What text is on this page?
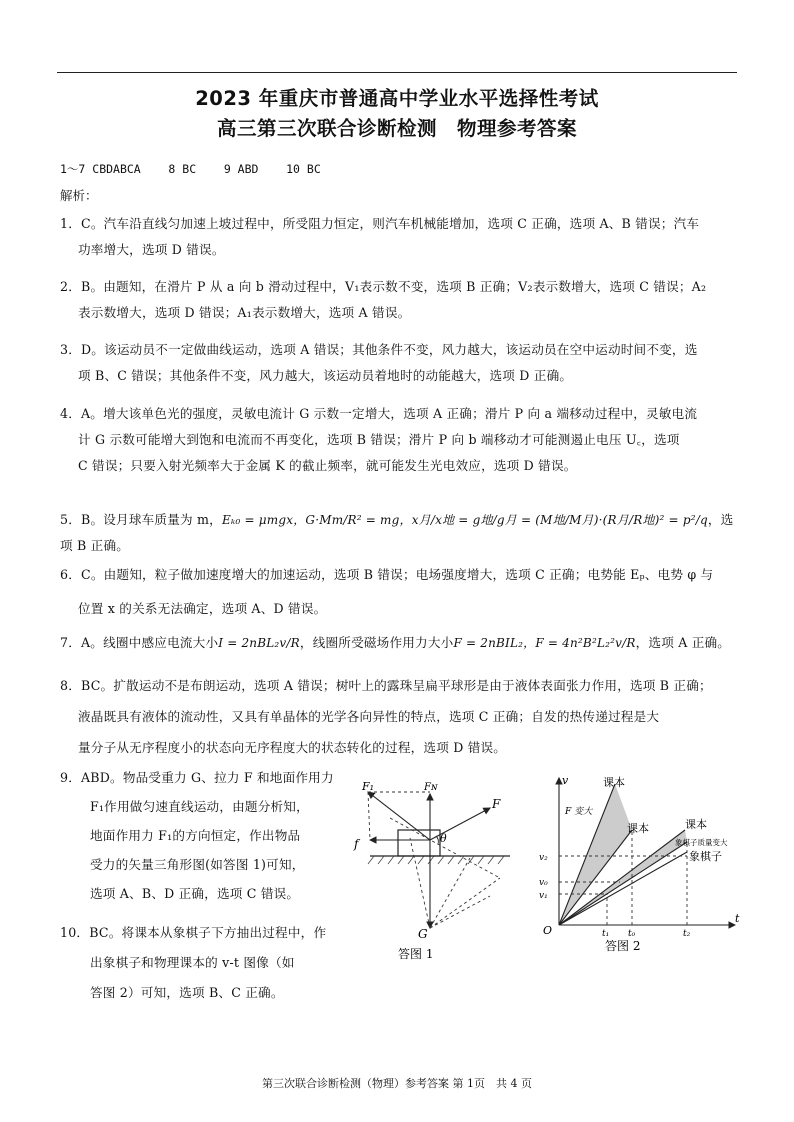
2023 年重庆市普通高中学业水平选择性考试
高三第三次联合诊断检测　物理参考答案
1～7 CBDABCA    8 BC    9 ABD    10 BC
解析：
1．C。汽车沿直线匀加速上坡过程中，所受阻力恒定，则汽车机械能增加，选项 C 正确，选项 A、B 错误；汽车
功率增大，选项 D 错误。
2．B。由题知，在滑片 P 从 a 向 b 滑动过程中，V₁表示数不变，选项 B 正确；V₂表示数增大，选项 C 错误；A₂
表示数增大，选项 D 错误；A₁表示数增大，选项 A 错误。
3．D。该运动员不一定做曲线运动，选项 A 错误；其他条件不变，风力越大，该运动员在空中运动时间不变，选
项 B、C 错误；其他条件不变，风力越大，该运动员着地时的动能越大，选项 D 正确。
4．A。增大该单色光的强度，灵敏电流计 G 示数一定增大，选项 A 正确；滑片 P 向 a 端移动过程中，灵敏电流
计 G 示数可能增大到饱和电流而不再变化，选项 B 错误；滑片 P 向 b 端移动才可能测遏止电压 U꜀，选项
C 错误；只要入射光频率大于金属 K 的截止频率，就可能发生光电效应，选项 D 错误。
5．B。设月球车质量为 m，Eₖ₀ = μmgx，G·Mm/R² = mg，x月/x地 = g地/g月 = (M地/M月)·(R月/R地)² = p²/q，选项 B 正确。
6．C。由题知，粒子做加速度增大的加速运动，选项 B 错误；电场强度增大，选项 C 正确；电势能 Eₚ、电势 φ 与
位置 x 的关系无法确定，选项 A、D 错误。
7．A。线圈中感应电流大小I = 2nBL₂v/R，线圈所受磁场作用力大小F = 2nBIL₂，F = 4n²B²L₂²v/R，选项 A 正确。
8．BC。扩散运动不是布朗运动，选项 A 错误；树叶上的露珠呈扁平球形是由于液体表面张力作用，选项 B 正确；
液晶既具有液体的流动性，又具有单晶体的光学各向异性的特点，选项 C 正确；自发的热传递过程是大
量分子从无序程度小的状态向无序程度大的状态转化的过程，选项 D 错误。
9．ABD。物品受重力 G、拉力 F 和地面作用力
F₁作用做匀速直线运动，由题分析知，
地面作用力 F₁的方向恒定，作出物品
受力的矢量三角形图(如答图 1)可知，
选项 A、B、D 正确，选项 C 错误。
10．BC。将课本从象棋子下方抽出过程中，作
出象棋子和物理课本的 v-t 图像（如
答图 2）可知，选项 B、C 正确。
F₁	Fɴ
F
f	θ
G
答图 1
v
t
O
课本
F 变大
课本	课本
象棋子质量变大
象棋子
v₂
v₀
v₁
t₁ t₀	t₂
答图 2
第三次联合诊断检测（物理）参考答案 第 1页　共 4 页
